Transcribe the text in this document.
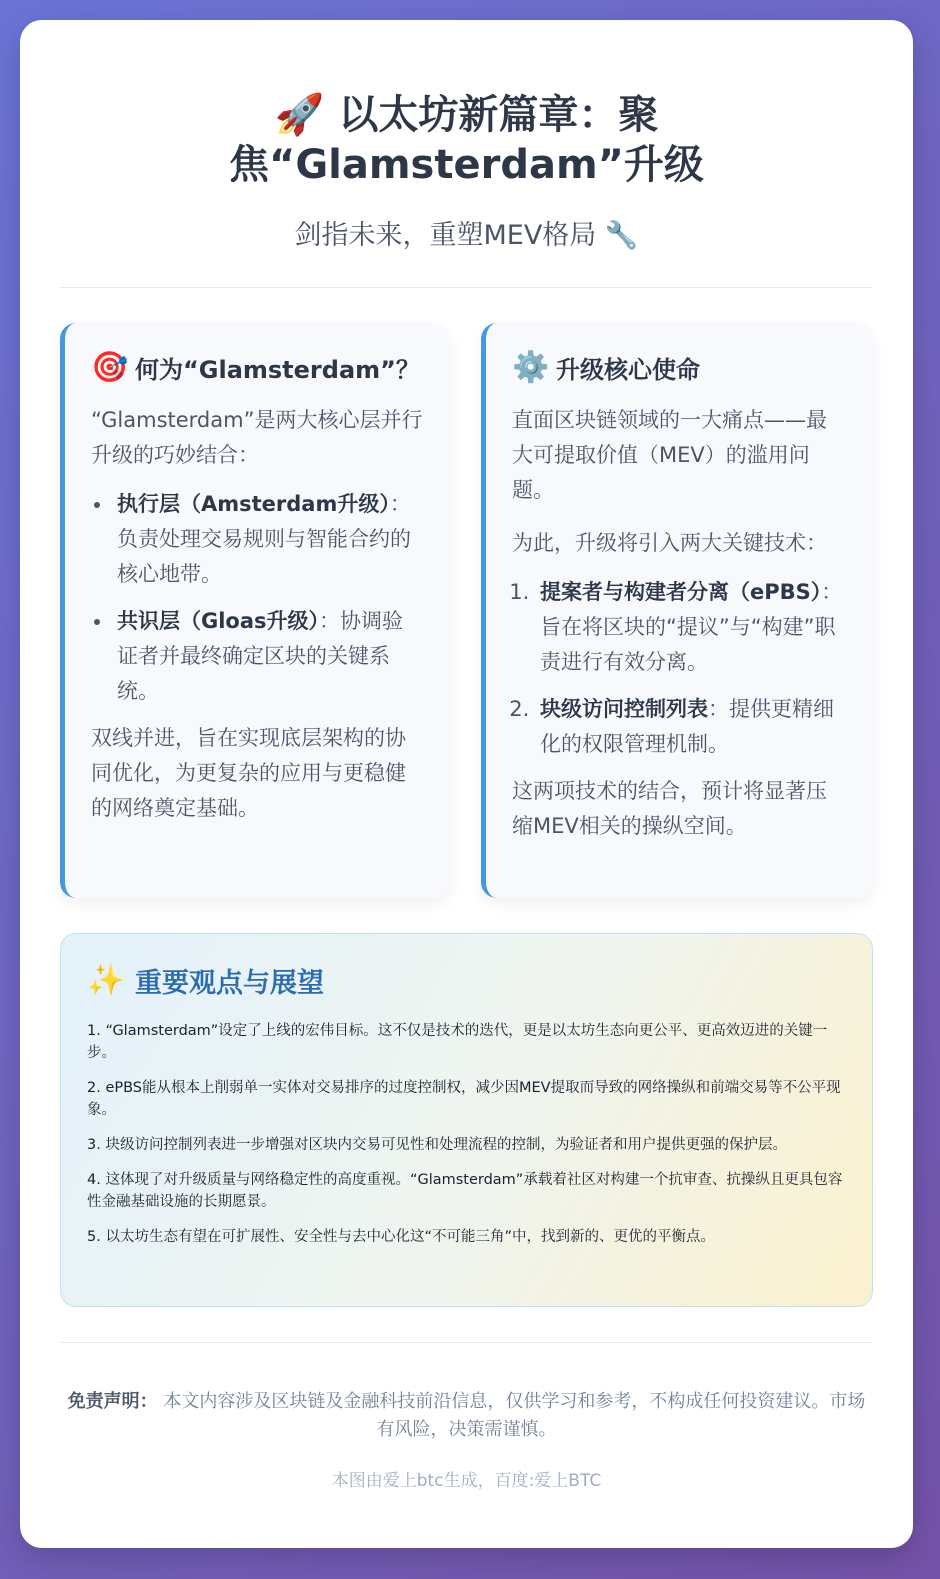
🚀 以太坊新篇章：聚焦“Glamsterdam”升级
剑指未来，重塑MEV格局 🔧
🎯 何为“Glamsterdam”？

“Glamsterdam”是两大核心层并行升级的巧妙结合：

• 执行层（Amsterdam升级）：负责处理交易规则与智能合约的核心地带。
• 共识层（Gloas升级）：协调验证者并最终确定区块的关键系统。

双线并进，旨在实现底层架构的协同优化，为更复杂的应用与更稳健的网络奠定基础。

⚙️ 升级核心使命

直面区块链领域的一大痛点——最大可提取价值（MEV）的滥用问题。

为此，升级将引入两大关键技术：

1. 提案者与构建者分离（ePBS）：旨在将区块的“提议”与“构建”职责进行有效分离。
2. 块级访问控制列表：提供更精细化的权限管理机制。

这两项技术的结合，预计将显著压缩MEV相关的操纵空间。

✨ 重要观点与展望

1. “Glamsterdam”设定了上线的宏伟目标。这不仅是技术的迭代，更是以太坊生态向更公平、更高效迈进的关键一步。

2. ePBS能从根本上削弱单一实体对交易排序的过度控制权，减少因MEV提取而导致的网络操纵和前端交易等不公平现象。

3. 块级访问控制列表进一步增强对区块内交易可见性和处理流程的控制，为验证者和用户提供更强的保护层。

4. 这体现了对升级质量与网络稳定性的高度重视。“Glamsterdam”承载着社区对构建一个抗审查、抗操纵且更具包容性金融基础设施的长期愿景。

5. 以太坊生态有望在可扩展性、安全性与去中心化这“不可能三角”中，找到新的、更优的平衡点。

免责声明： 本文内容涉及区块链及金融科技前沿信息，仅供学习和参考，不构成任何投资建议。市场有风险，决策需谨慎。

本图由爱上btc生成，百度:爱上BTC
